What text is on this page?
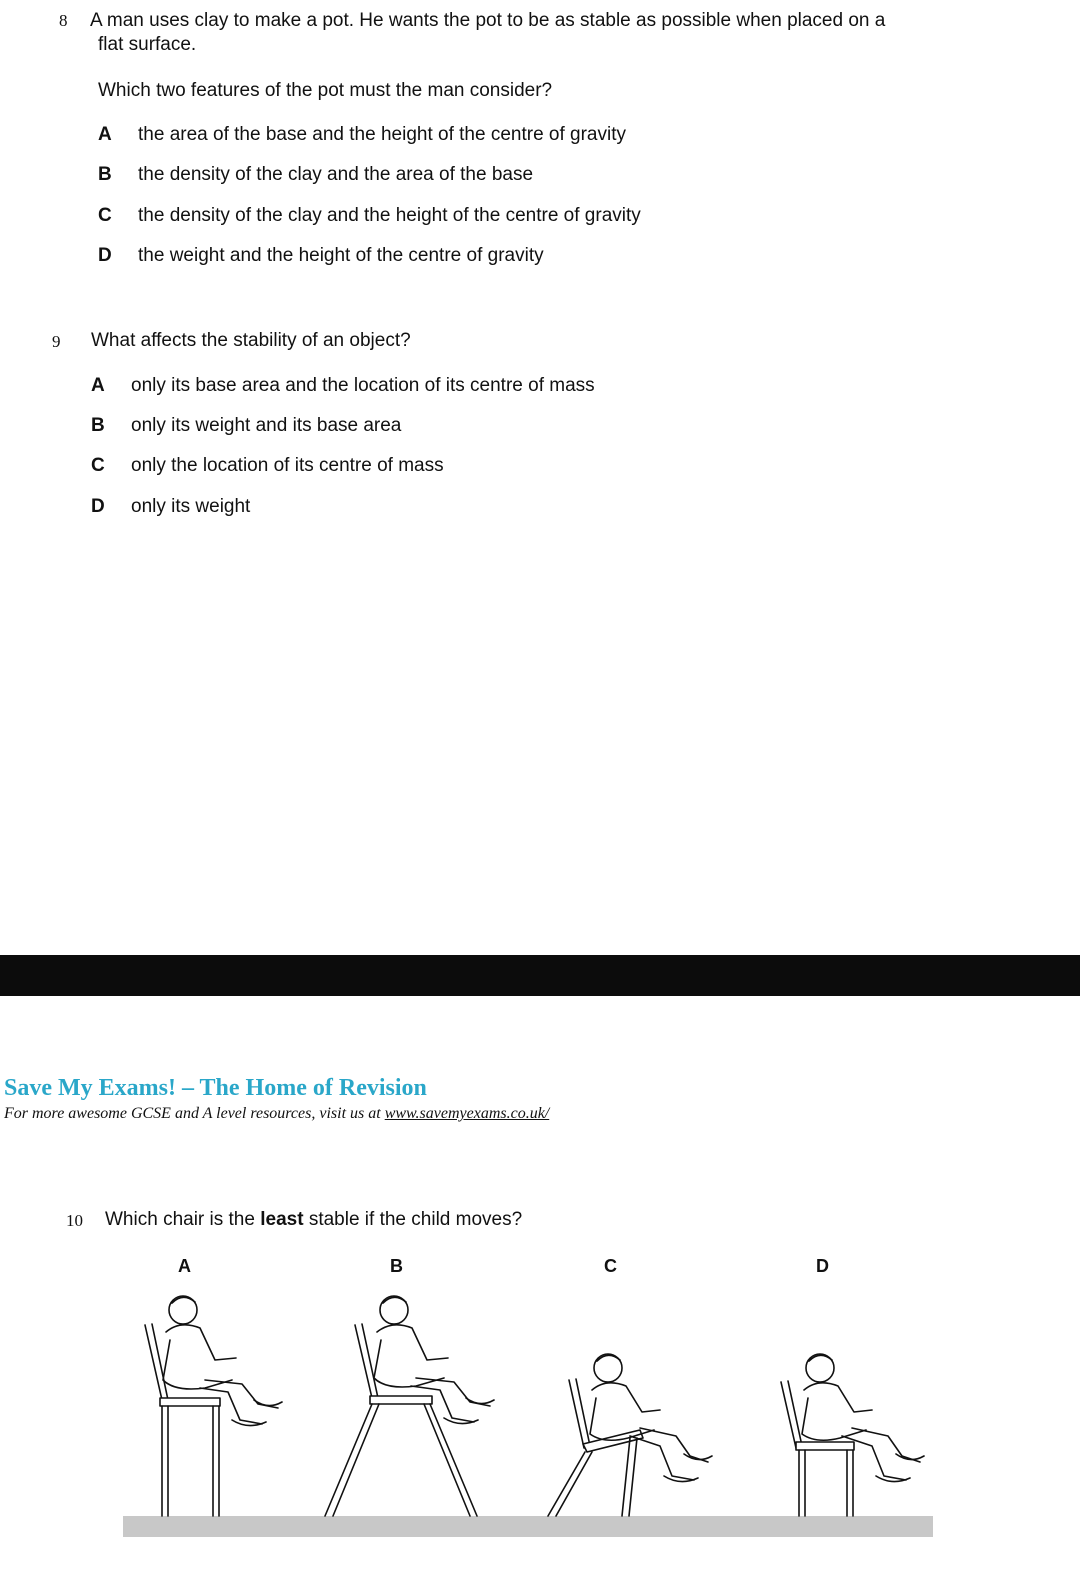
8 A man uses clay to make a pot. He wants the pot to be as stable as possible when placed on a
flat surface.
Which two features of the pot must the man consider?
A the area of the base and the height of the centre of gravity
B the density of the clay and the area of the base
C the density of the clay and the height of the centre of gravity
D the weight and the height of the centre of gravity
9 What affects the stability of an object?
A only its base area and the location of its centre of mass
B only its weight and its base area
C only the location of its centre of mass
D only its weight
Save My Exams! – The Home of Revision
For more awesome GCSE and A level resources, visit us at www.savemyexams.co.uk/
10 Which chair is the least stable if the child moves?
A	B	C	D
